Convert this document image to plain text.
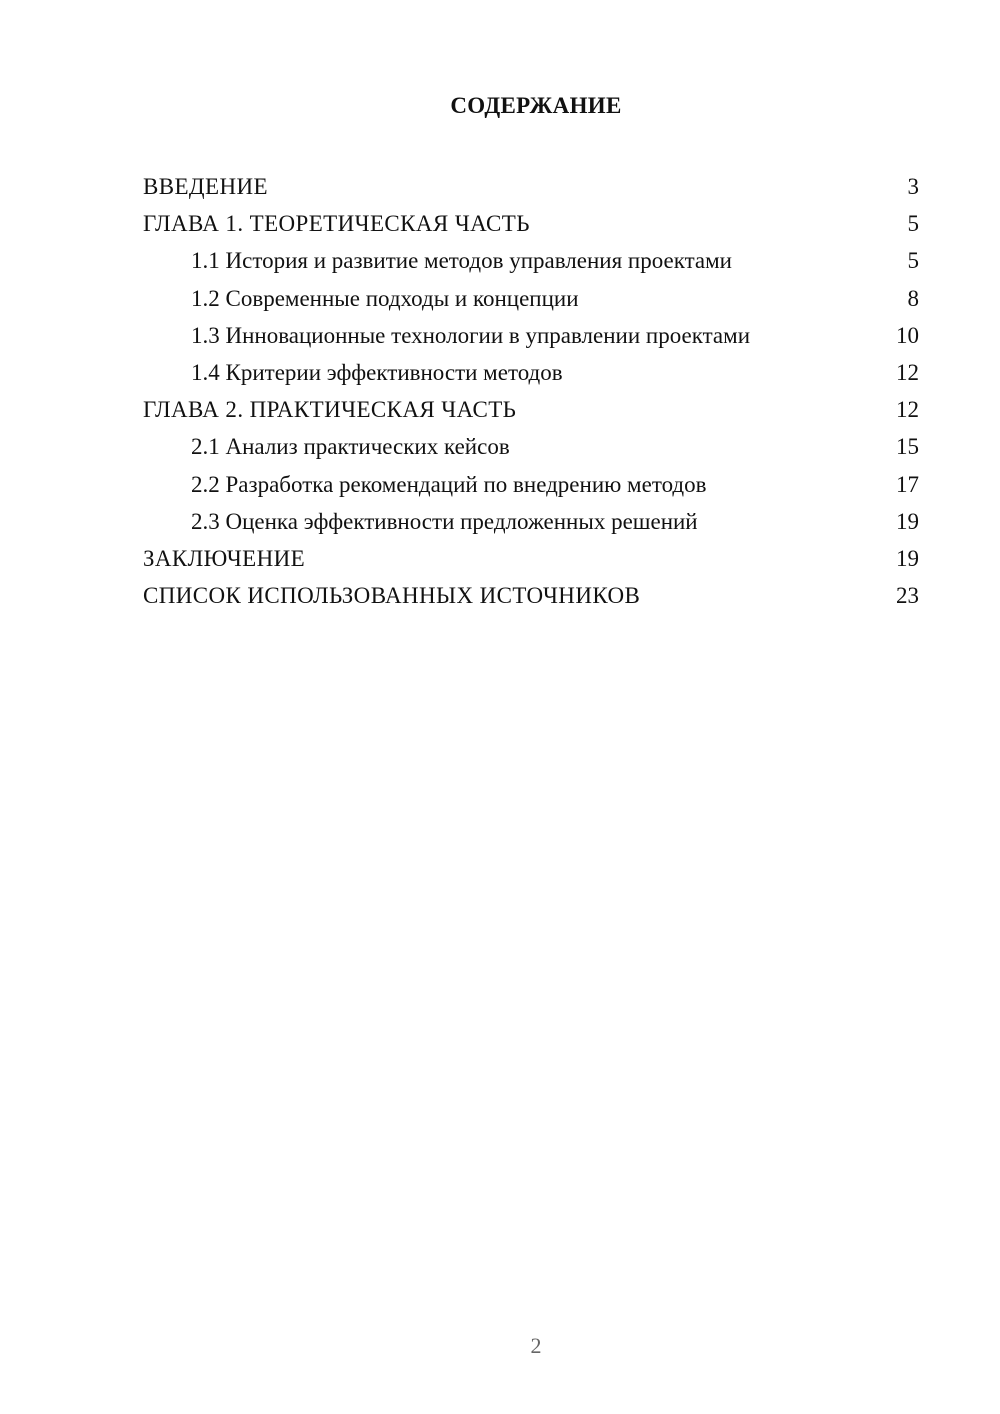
СОДЕРЖАНИЕ
ВВЕДЕНИЕ	3
ГЛАВА 1. ТЕОРЕТИЧЕСКАЯ ЧАСТЬ	5
1.1 История и развитие методов управления проектами	5
1.2 Современные подходы и концепции	8
1.3 Инновационные технологии в управлении проектами	10
1.4 Критерии эффективности методов	12
ГЛАВА 2. ПРАКТИЧЕСКАЯ ЧАСТЬ	12
2.1 Анализ практических кейсов	15
2.2 Разработка рекомендаций по внедрению методов	17
2.3 Оценка эффективности предложенных решений	19
ЗАКЛЮЧЕНИЕ	19
СПИСОК ИСПОЛЬЗОВАННЫХ ИСТОЧНИКОВ	23
2
